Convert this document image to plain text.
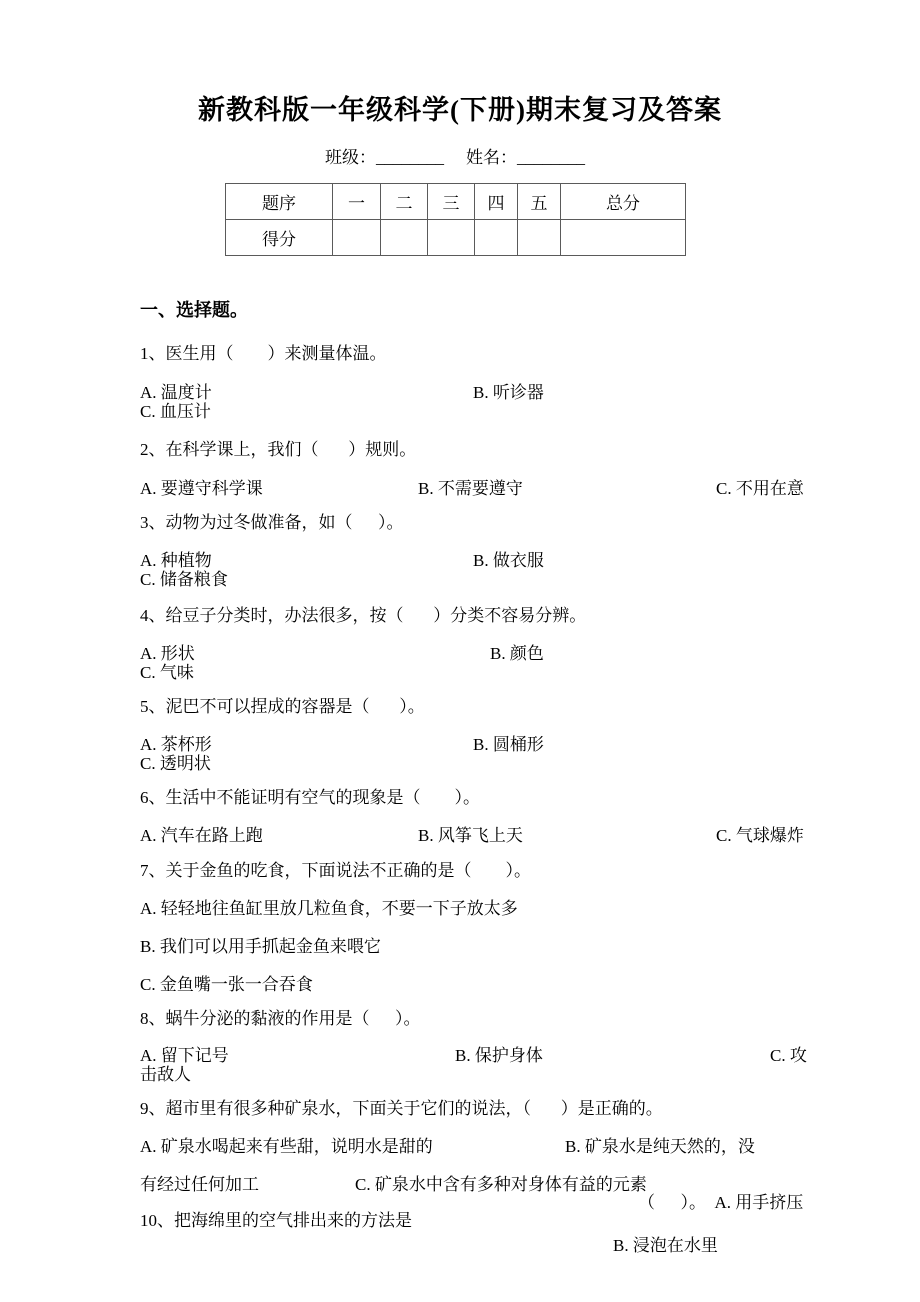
新教科版一年级科学(下册)期末复习及答案
班级：________ 姓名：________
题序	一	二	三	四	五	总分
得分						
一、选择题。
1、医生用（        ）来测量体温。
A. 温度计	B. 听诊器
C. 血压计
2、在科学课上，我们（       ）规则。
A. 要遵守科学课	B. 不需要遵守	C. 不用在意
3、动物为过冬做准备，如（      ）。
A. 种植物	B. 做衣服
C. 储备粮食
4、给豆子分类时，办法很多，按（       ）分类不容易分辨。
A. 形状	B. 颜色
C. 气味
5、泥巴不可以捏成的容器是（       ）。
A. 茶杯形	B. 圆桶形
C. 透明状
6、生活中不能证明有空气的现象是（        ）。
A. 汽车在路上跑	B. 风筝飞上天	C. 气球爆炸
7、关于金鱼的吃食，下面说法不正确的是（        ）。
A. 轻轻地往鱼缸里放几粒鱼食，不要一下子放太多
B. 我们可以用手抓起金鱼来喂它
C. 金鱼嘴一张一合吞食
8、蜗牛分泌的黏液的作用是（      ）。
A. 留下记号	B. 保护身体	C. 攻
击敌人
9、超市里有很多种矿泉水，下面关于它们的说法，（       ）是正确的。
A. 矿泉水喝起来有些甜，说明水是甜的	B. 矿泉水是纯天然的，没
有经过任何加工	C. 矿泉水中含有多种对身体有益的元素
（      ）。  A. 用手挤压
10、把海绵里的空气排出来的方法是
B. 浸泡在水里
